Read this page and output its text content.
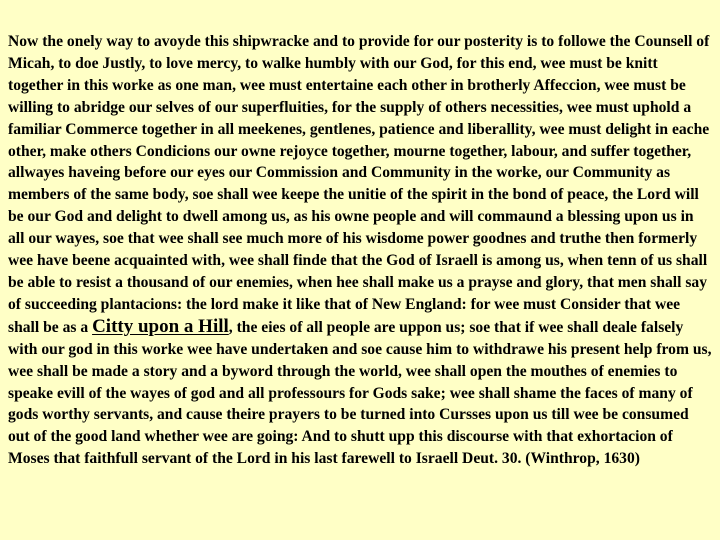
Now the onely way to avoyde this shipwracke and to provide for our posterity is to followe the Counsell of Micah, to doe Justly, to love mercy, to walke humbly with our God, for this end, wee must be knitt together in this worke as one man, wee must entertaine each other in brotherly Affeccion, wee must be willing to abridge our selves of our superfluities, for the supply of others necessities, wee must uphold a familiar Commerce together in all meekenes, gentlenes, patience and liberallity, wee must delight in eache other, make others Condicions our owne rejoyce together, mourne together, labour, and suffer together, allwayes haveing before our eyes our Commission and Community in the worke, our Community as members of the same body, soe shall wee keepe the unitie of the spirit in the bond of peace, the Lord will be our God and delight to dwell among us, as his owne people and will commaund a blessing upon us in all our wayes, soe that wee shall see much more of his wisdome power goodnes and truthe then formerly wee have beene acquainted with, wee shall finde that the God of Israell is among us, when tenn of us shall be able to resist a thousand of our enemies, when hee shall make us a prayse and glory, that men shall say of succeeding plantacions: the lord make it like that of New England: for wee must Consider that wee shall be as a Citty upon a Hill, the eies of all people are uppon us; soe that if wee shall deale falsely with our god in this worke wee have undertaken and soe cause him to withdrawe his present help from us, wee shall be made a story and a byword through the world, wee shall open the mouthes of enemies to speake evill of the wayes of god and all professours for Gods sake; wee shall shame the faces of many of gods worthy servants, and cause theire prayers to be turned into Cursses upon us till wee be consumed out of the good land whether wee are going: And to shutt upp this discourse with that exhortacion of Moses that faithfull servant of the Lord in his last farewell to Israell Deut. 30. (Winthrop, 1630)
